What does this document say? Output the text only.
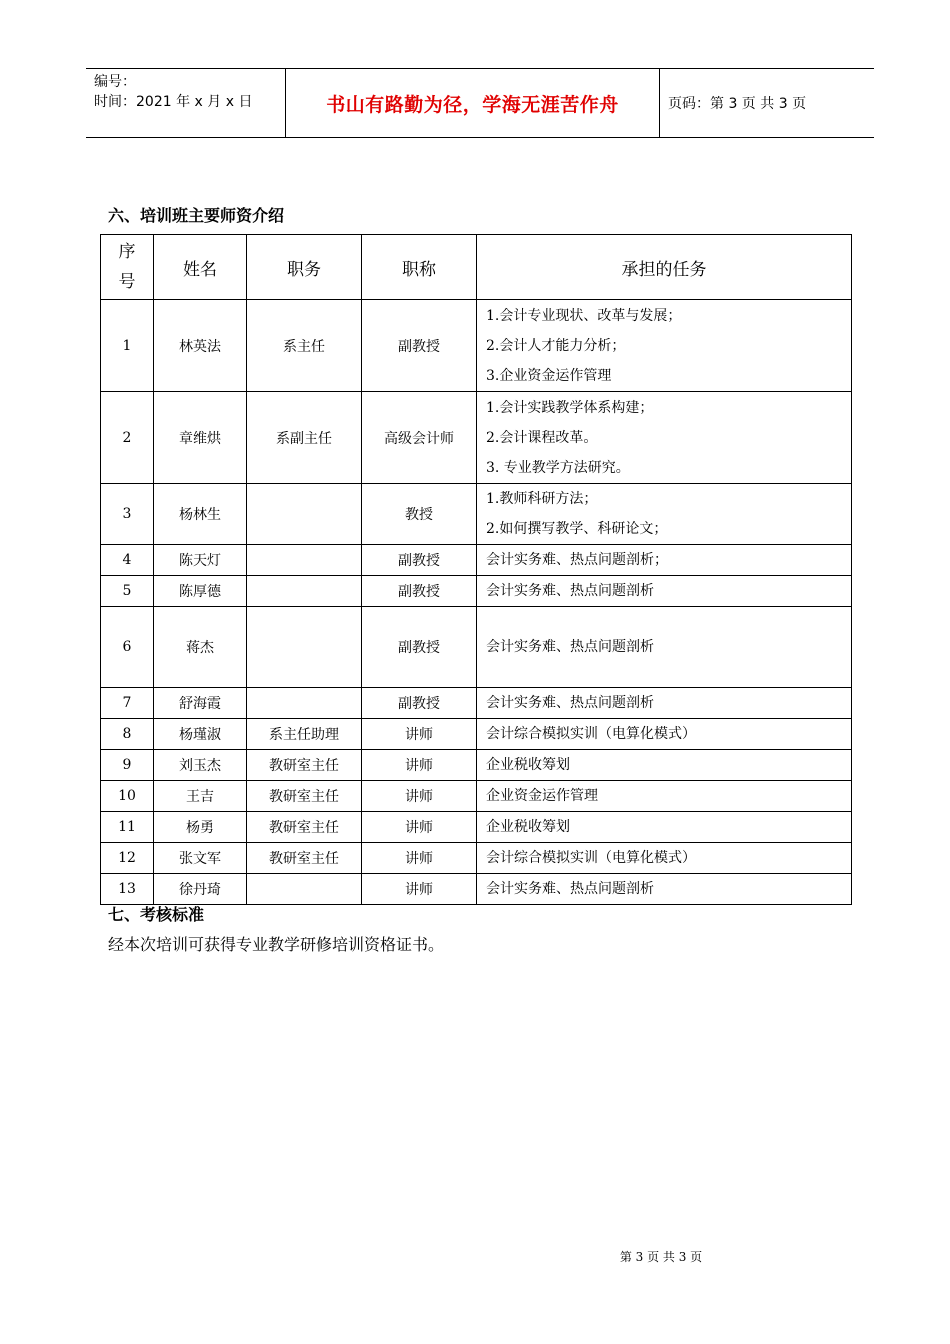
编号：
时间：2021 年 x 月 x 日	书山有路勤为径，学海无涯苦作舟	页码：第 3 页 共 3 页
六、培训班主要师资介绍
序
号	姓名	职务	职称	承担的任务
1	林英法	系主任	副教授	1.会计专业现状、改革与发展；
2.会计人才能力分析；
3.企业资金运作管理

2	章维烘	系副主任	高级会计师	1.会计实践教学体系构建；
2.会计课程改革。
3. 专业教学方法研究。

3	杨林生		教授	1.教师科研方法；
2.如何撰写教学、科研论文；

4	陈天灯		副教授	会计实务难、热点问题剖析；

5	陈厚德		副教授	会计实务难、热点问题剖析

6	蒋杰		副教授	会计实务难、热点问题剖析

7	舒海霞		副教授	会计实务难、热点问题剖析

8	杨瑾淑	系主任助理	讲师	会计综合模拟实训（电算化模式）

9	刘玉杰	教研室主任	讲师	企业税收筹划

10	王吉	教研室主任	讲师	企业资金运作管理

11	杨勇	教研室主任	讲师	企业税收筹划

12	张文军	教研室主任	讲师	会计综合模拟实训（电算化模式）

13	徐丹琦		讲师	会计实务难、热点问题剖析
七、考核标准
经本次培训可获得专业教学研修培训资格证书。
第 3 页 共 3 页
